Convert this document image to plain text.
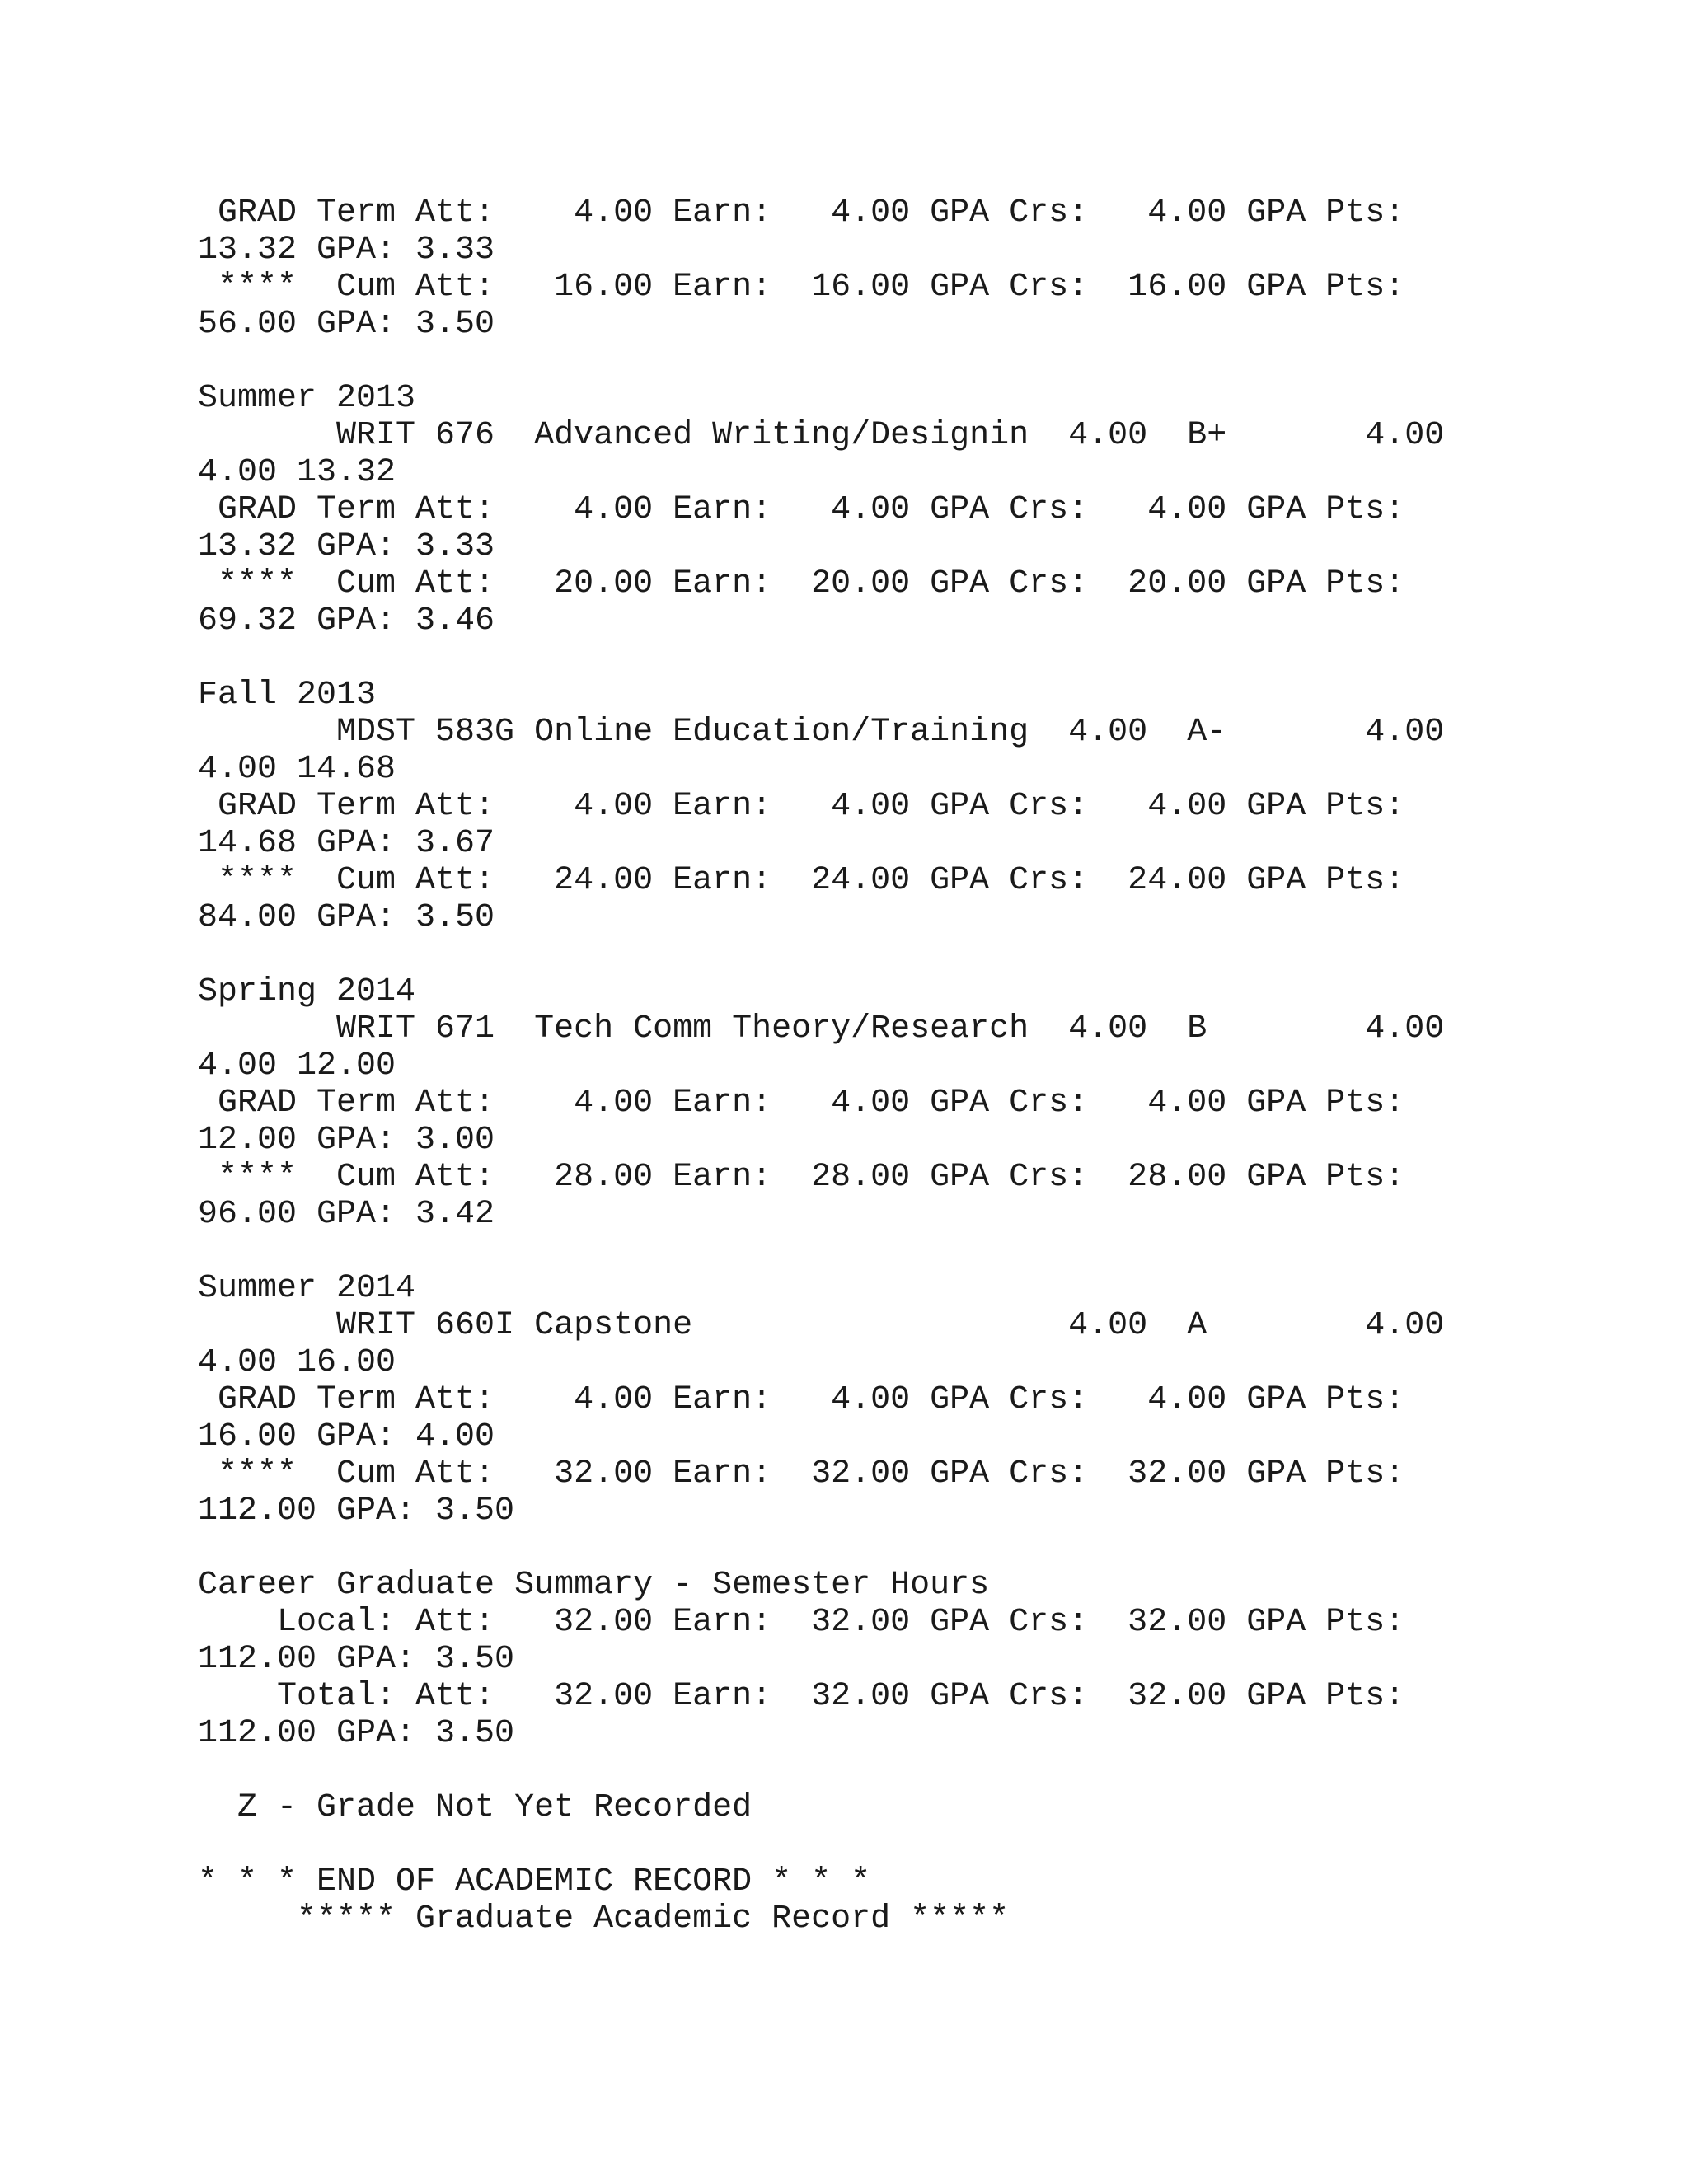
GRAD Term Att:    4.00 Earn:   4.00 GPA Crs:   4.00 GPA Pts:
13.32 GPA: 3.33
****  Cum Att:   16.00 Earn:  16.00 GPA Crs:  16.00 GPA Pts:
56.00 GPA: 3.50
Summer 2013
WRIT 676  Advanced Writing/Designin  4.00  B+       4.00
4.00 13.32
GRAD Term Att:    4.00 Earn:   4.00 GPA Crs:   4.00 GPA Pts:
13.32 GPA: 3.33
****  Cum Att:   20.00 Earn:  20.00 GPA Crs:  20.00 GPA Pts:
69.32 GPA: 3.46
Fall 2013
MDST 583G Online Education/Training  4.00  A-       4.00
4.00 14.68
GRAD Term Att:    4.00 Earn:   4.00 GPA Crs:   4.00 GPA Pts:
14.68 GPA: 3.67
****  Cum Att:   24.00 Earn:  24.00 GPA Crs:  24.00 GPA Pts:
84.00 GPA: 3.50
Spring 2014
WRIT 671  Tech Comm Theory/Research  4.00  B        4.00
4.00 12.00
GRAD Term Att:    4.00 Earn:   4.00 GPA Crs:   4.00 GPA Pts:
12.00 GPA: 3.00
****  Cum Att:   28.00 Earn:  28.00 GPA Crs:  28.00 GPA Pts:
96.00 GPA: 3.42
Summer 2014
WRIT 660I Capstone                   4.00  A        4.00
4.00 16.00
GRAD Term Att:    4.00 Earn:   4.00 GPA Crs:   4.00 GPA Pts:
16.00 GPA: 4.00
****  Cum Att:   32.00 Earn:  32.00 GPA Crs:  32.00 GPA Pts:
112.00 GPA: 3.50
Career Graduate Summary - Semester Hours
Local: Att:   32.00 Earn:  32.00 GPA Crs:  32.00 GPA Pts:
112.00 GPA: 3.50
Total: Att:   32.00 Earn:  32.00 GPA Crs:  32.00 GPA Pts:
112.00 GPA: 3.50
Z - Grade Not Yet Recorded
* * * END OF ACADEMIC RECORD * * *
***** Graduate Academic Record *****
